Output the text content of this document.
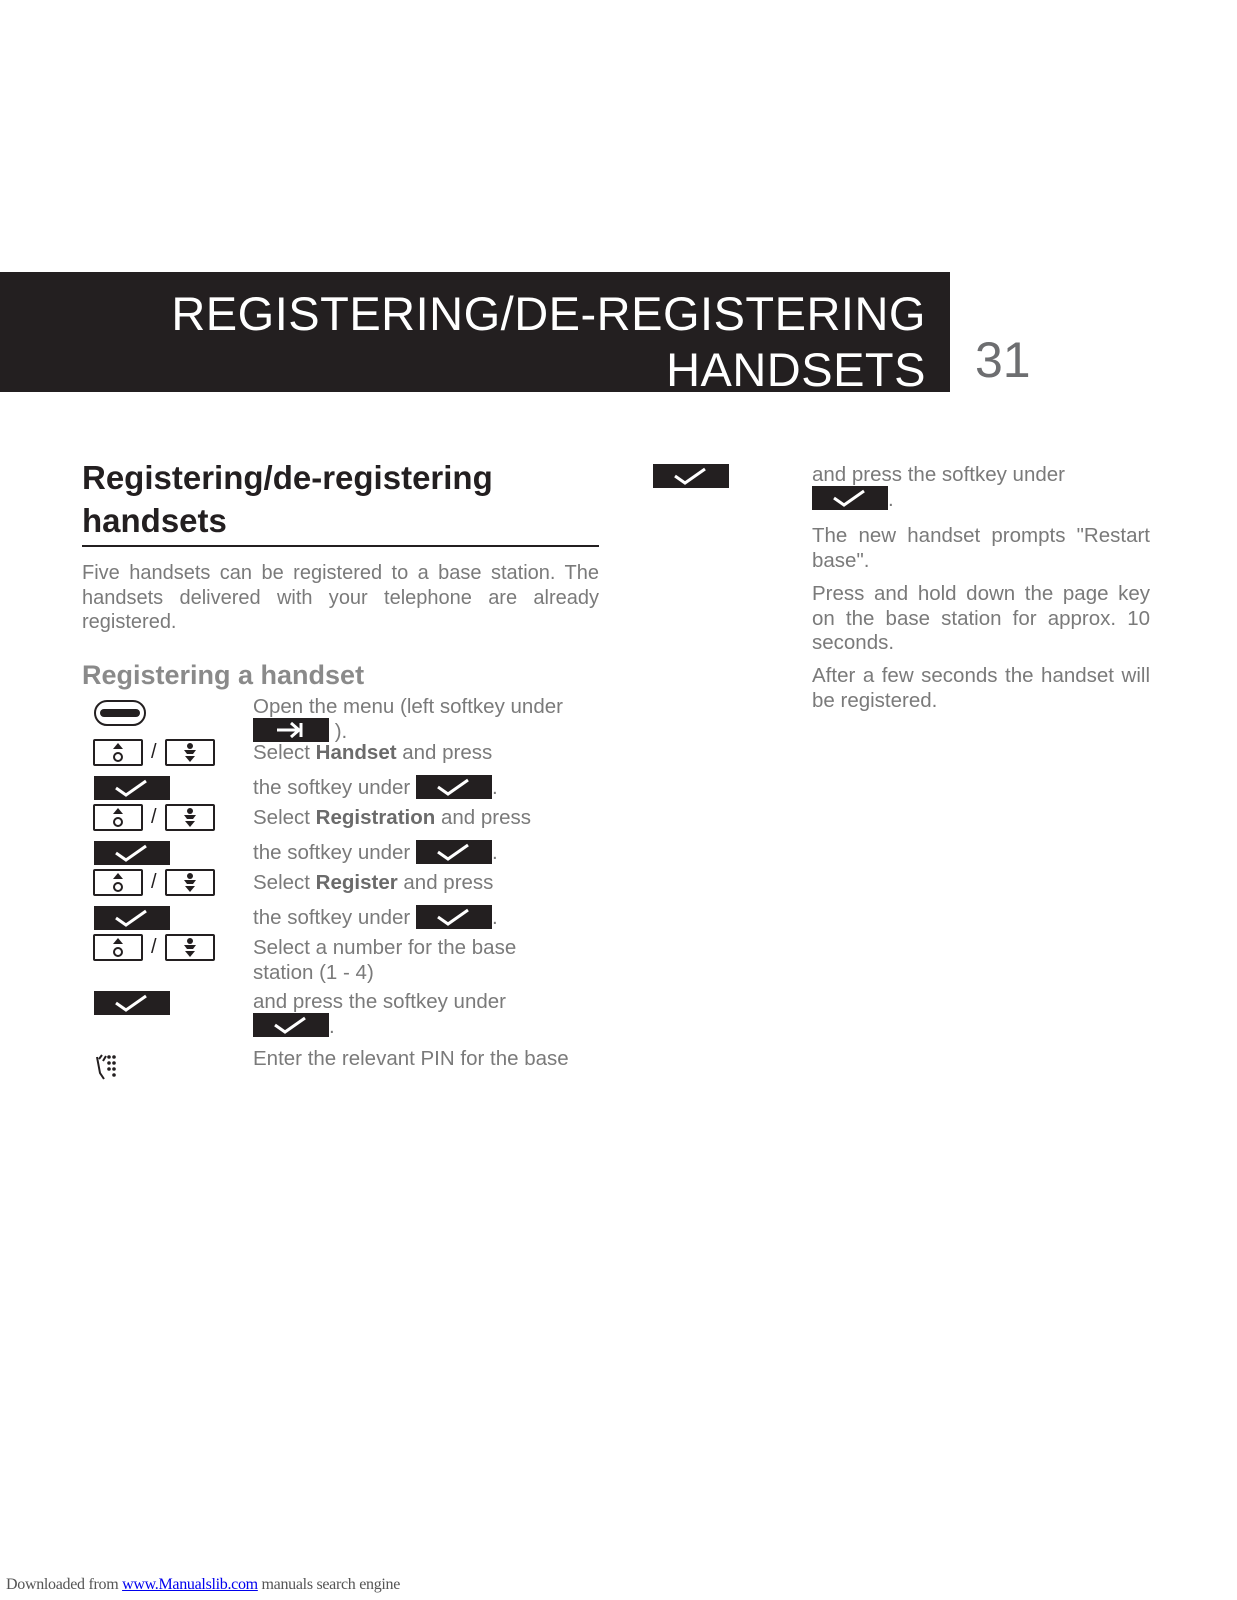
REGISTERING/DE-REGISTERING
HANDSETS 31
Registering/de-registering
handsets
Five handsets can be registered to a base station. The handsets delivered with your telephone are already registered.
Registering a handset
Open the menu (left softkey under
).
/	Select Handset and press
the softkey under	.
/	Select Registration and press
the softkey under	.
/	Select Register and press
the softkey under	.
/	Select a number for the base
station (1 - 4)
and press the softkey under
.
Enter the relevant PIN for the base
and press the softkey under
.
The new handset prompts "Restart base".
Press and hold down the page key on the base station for approx. 10 seconds.
After a few seconds the handset will be registered.
Downloaded from www.Manualslib.com manuals search engine
